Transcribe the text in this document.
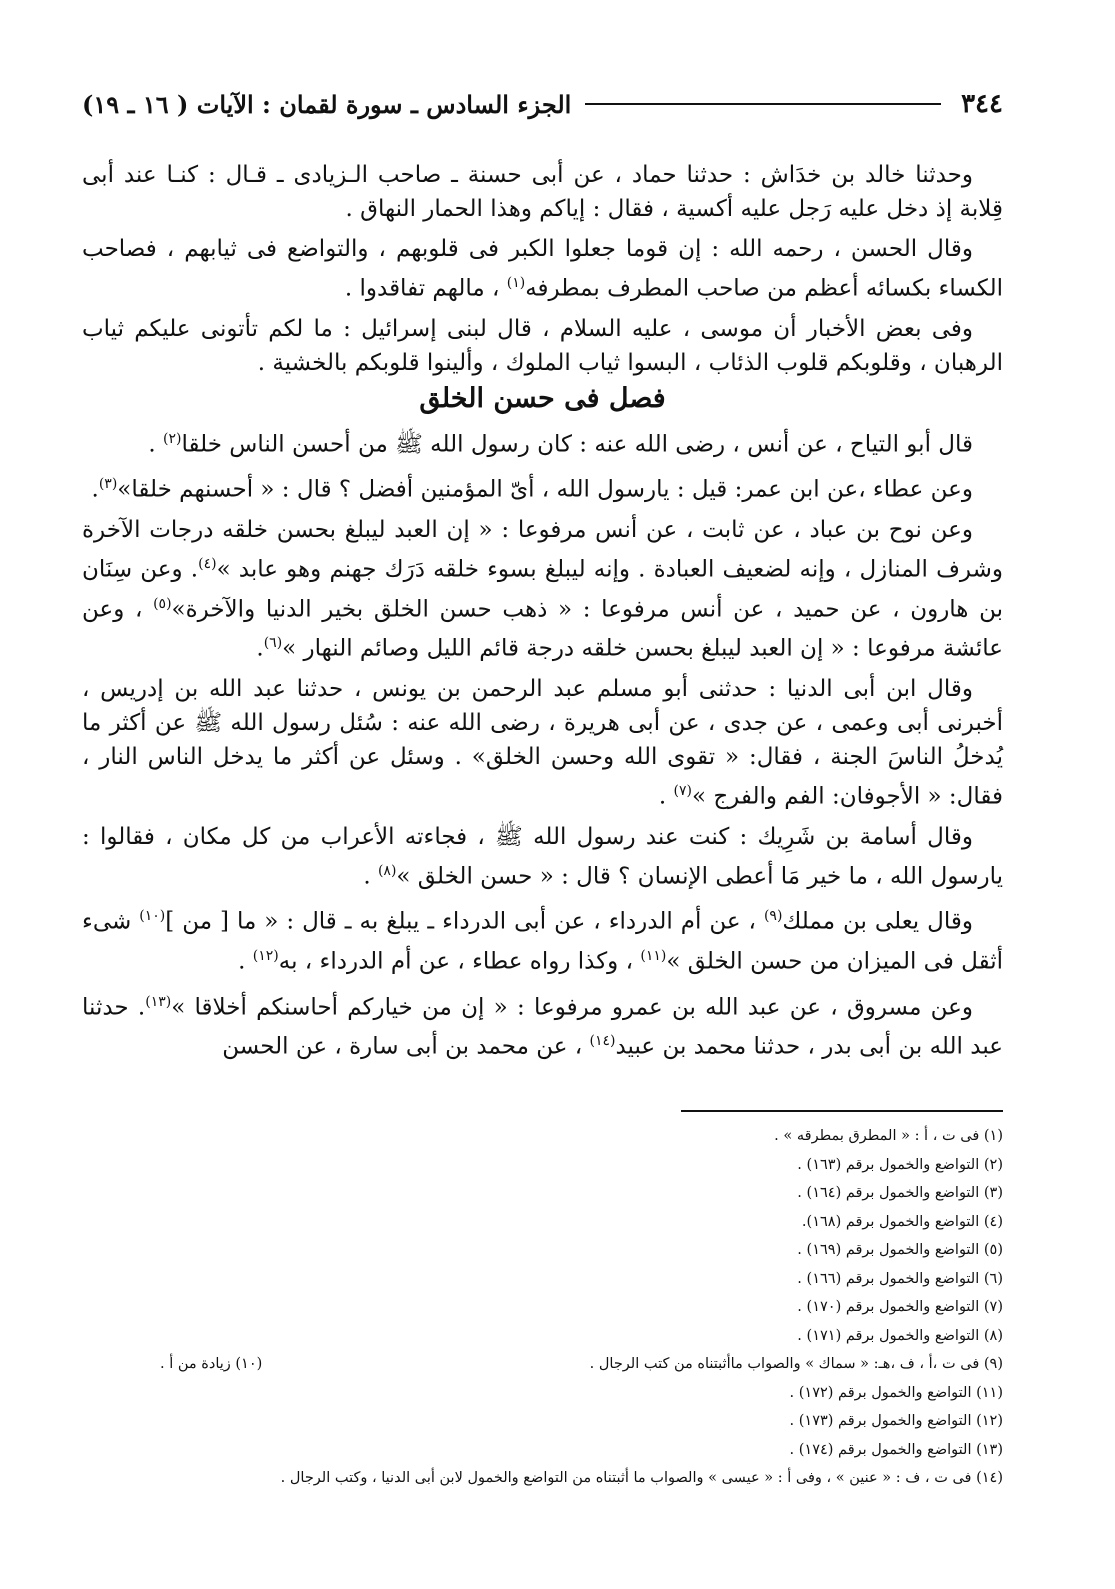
٣٤٤
الجزء السادس ـ سورة لقمان : الآيات ( ١٦ ـ ١٩)

وحدثنا خالد بن خدَاش : حدثنا حماد ، عن أبى حسنة ـ صاحب الـزيادى ـ قـال : كنـا عند أبى قِلابة إذ دخل عليه رَجل عليه أكسية ، فقال : إياكم وهذا الحمار النهاق .

وقال الحسن ، رحمه الله : إن قوما جعلوا الكبر فى قلوبهم ، والتواضع فى ثيابهم ، فصاحب الكساء بكسائه أعظم من صاحب المطرف بمطرفه$^{(١)}$ ، مالهم تفاقدوا .

وفى بعض الأخبار أن موسى ، عليه السلام ، قال لبنى إسرائيل : ما لكم تأتونى عليكم ثياب الرهبان ، وقلوبكم قلوب الذئاب ، البسوا ثياب الملوك ، وألينوا قلوبكم بالخشية .

فصل فى حسن الخلق

قال أبو التياح ، عن أنس ، رضى الله عنه : كان رسول الله ﷺ من أحسن الناس خلقا$^{(٢)}$ .

وعن عطاء ،عن ابن عمر: قيل : يارسول الله ، أىّ المؤمنين أفضل ؟ قال : « أحسنهم خلقا»$^{(٣)}$.

وعن نوح بن عباد ، عن ثابت ، عن أنس مرفوعا : « إن العبد ليبلغ بحسن خلقه درجات الآخرة وشرف المنازل ، وإنه لضعيف العبادة . وإنه ليبلغ بسوء خلقه دَرَك جهنم وهو عابد »$^{(٤)}$. وعن سِنَان بن هارون ، عن حميد ، عن أنس مرفوعا : « ذهب حسن الخلق بخير الدنيا والآخرة»$^{(٥)}$ ، وعن عائشة مرفوعا : « إن العبد ليبلغ بحسن خلقه درجة قائم الليل وصائم النهار »$^{(٦)}$.

وقال ابن أبى الدنيا : حدثنى أبو مسلم عبد الرحمن بن يونس ، حدثنا عبد الله بن إدريس ، أخبرنى أبى وعمى ، عن جدى ، عن أبى هريرة ، رضى الله عنه : سُئل رسول الله ﷺ عن أكثر ما يُدخلُ الناسَ الجنة ، فقال: « تقوى الله وحسن الخلق» . وسئل عن أكثر ما يدخل الناس النار ، فقال: « الأجوفان: الفم والفرج »$^{(٧)}$ .

وقال أسامة بن شَرِيك : كنت عند رسول الله ﷺ ، فجاءته الأعراب من كل مكان ، فقالوا : يارسول الله ، ما خير مَا أعطى الإنسان ؟ قال : « حسن الخلق »$^{(٨)}$ .

وقال يعلى بن مملك$^{(٩)}$ ، عن أم الدرداء ، عن أبى الدرداء ـ يبلغ به ـ قال : « ما [ من ]$^{(١٠)}$ شىء أثقل فى الميزان من حسن الخلق »$^{(١١)}$ ، وكذا رواه عطاء ، عن أم الدرداء ، به$^{(١٢)}$ .

وعن مسروق ، عن عبد الله بن عمرو مرفوعا : « إن من خياركم أحاسنكم أخلاقا »$^{(١٣)}$. حدثنا عبد الله بن أبى بدر ، حدثنا محمد بن عبيد$^{(١٤)}$ ، عن محمد بن أبى سارة ، عن الحسن

(١) فى ت ، أ : « المطرق بمطرقه » .
(٢) التواضع والخمول برقم (١٦٣) .
(٣) التواضع والخمول برقم (١٦٤) .
(٤) التواضع والخمول برقم (١٦٨).
(٥) التواضع والخمول برقم (١٦٩) .
(٦) التواضع والخمول برقم (١٦٦) .
(٧) التواضع والخمول برقم (١٧٠) .
(٨) التواضع والخمول برقم (١٧١) .
(٩) فى ت ،أ ، ف ،هـ: « سماك » والصواب ماأثبتناه من كتب الرجال .
(١٠) زيادة من أ .
(١١) التواضع والخمول برقم (١٧٢) .
(١٢) التواضع والخمول برقم (١٧٣) .
(١٣) التواضع والخمول برقم (١٧٤) .
(١٤) فى ت ، ف : « عنين » ، وفى أ : « عيسى » والصواب ما أثبتناه من التواضع والخمول لابن أبى الدنيا ، وكتب الرجال .
